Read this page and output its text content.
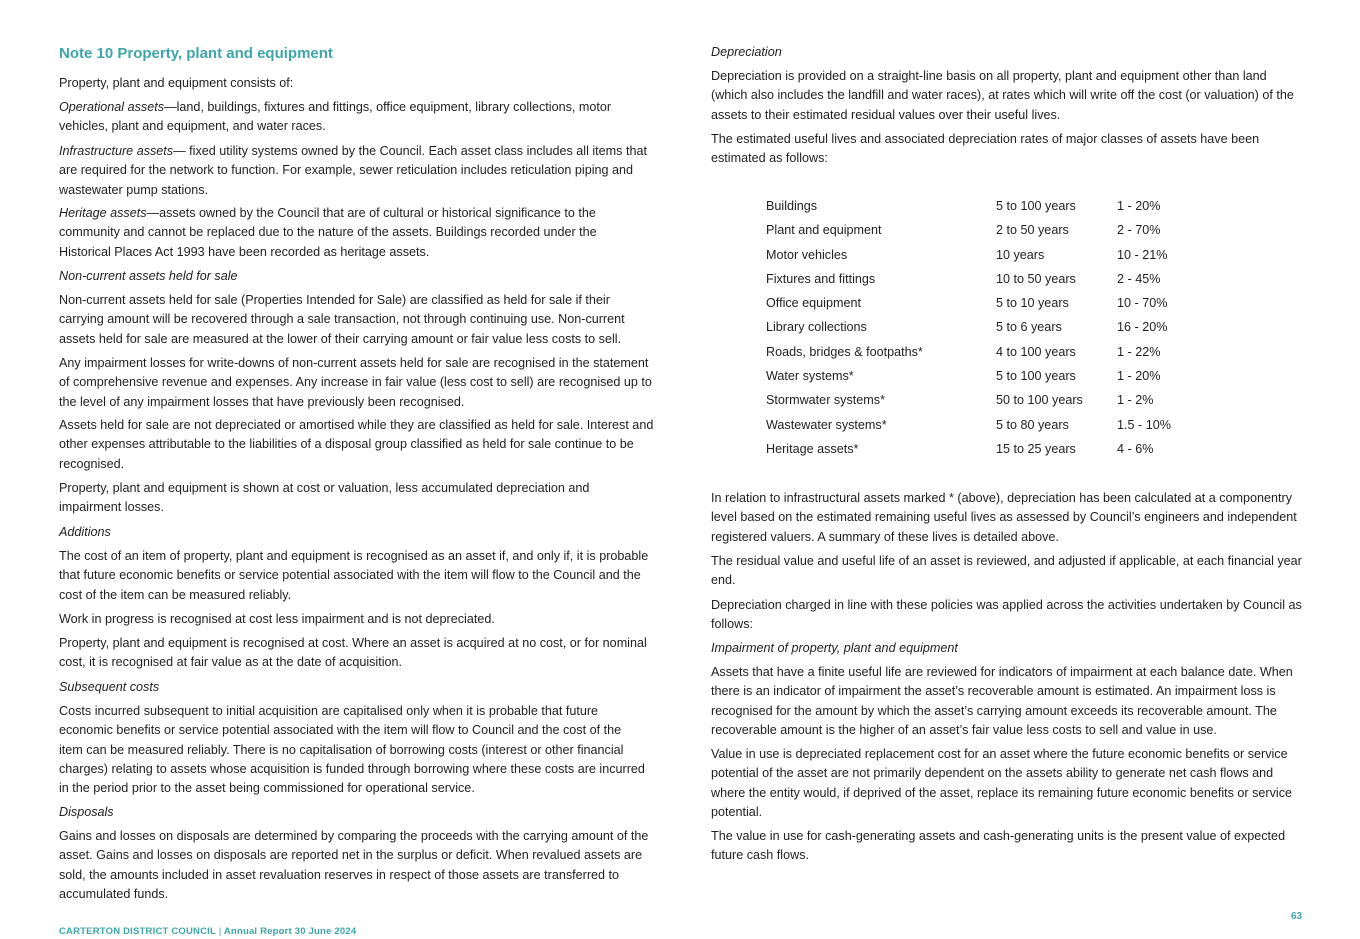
Note 10 Property, plant and equipment

Property, plant and equipment consists of:

Operational assets—land, buildings, fixtures and fittings, office equipment, library collections, motor
vehicles, plant and equipment, and water races.

Infrastructure assets— fixed utility systems owned by the Council. Each asset class includes all items that
are required for the network to function. For example, sewer reticulation includes reticulation piping and
wastewater pump stations.

Heritage assets—assets owned by the Council that are of cultural or historical significance to the
community and cannot be replaced due to the nature of the assets. Buildings recorded under the
Historical Places Act 1993 have been recorded as heritage assets.

Non-current assets held for sale

Non-current assets held for sale (Properties Intended for Sale) are classified as held for sale if their
carrying amount will be recovered through a sale transaction, not through continuing use. Non-current
assets held for sale are measured at the lower of their carrying amount or fair value less costs to sell.

Any impairment losses for write-downs of non-current assets held for sale are recognised in the statement
of comprehensive revenue and expenses. Any increase in fair value (less cost to sell) are recognised up to
the level of any impairment losses that have previously been recognised.

Assets held for sale are not depreciated or amortised while they are classified as held for sale. Interest and
other expenses attributable to the liabilities of a disposal group classified as held for sale continue to be
recognised.

Property, plant and equipment is shown at cost or valuation, less accumulated depreciation and
impairment losses.

Additions

The cost of an item of property, plant and equipment is recognised as an asset if, and only if, it is probable
that future economic benefits or service potential associated with the item will flow to the Council and the
cost of the item can be measured reliably.

Work in progress is recognised at cost less impairment and is not depreciated.

Property, plant and equipment is recognised at cost. Where an asset is acquired at no cost, or for nominal
cost, it is recognised at fair value as at the date of acquisition.

Subsequent costs

Costs incurred subsequent to initial acquisition are capitalised only when it is probable that future
economic benefits or service potential associated with the item will flow to Council and the cost of the
item can be measured reliably. There is no capitalisation of borrowing costs (interest or other financial
charges) relating to assets whose acquisition is funded through borrowing where these costs are incurred
in the period prior to the asset being commissioned for operational service.

Disposals

Gains and losses on disposals are determined by comparing the proceeds with the carrying amount of the
asset. Gains and losses on disposals are reported net in the surplus or deficit. When revalued assets are
sold, the amounts included in asset revaluation reserves in respect of those assets are transferred to
accumulated funds.

Depreciation

Depreciation is provided on a straight-line basis on all property, plant and equipment other than land
(which also includes the landfill and water races), at rates which will write off the cost (or valuation) of the
assets to their estimated residual values over their useful lives.

The estimated useful lives and associated depreciation rates of major classes of assets have been
estimated as follows:

Buildings	5 to 100 years	1 - 20%
Plant and equipment	2 to 50 years	2 - 70%
Motor vehicles	10 years	10 - 21%
Fixtures and fittings	10 to 50 years	2 - 45%
Office equipment	5 to 10 years	10 - 70%
Library collections	5 to 6 years	16 - 20%
Roads, bridges & footpaths*	4 to 100 years	1 - 22%
Water systems*	5 to 100 years	1 - 20%
Stormwater systems*	50 to 100 years	1 - 2%
Wastewater systems*	5 to 80 years	1.5 - 10%
Heritage assets*	15 to 25 years	4 - 6%

In relation to infrastructural assets marked * (above), depreciation has been calculated at a componentry
level based on the estimated remaining useful lives as assessed by Council’s engineers and independent
registered valuers. A summary of these lives is detailed above.

The residual value and useful life of an asset is reviewed, and adjusted if applicable, at each financial year
end.

Depreciation charged in line with these policies was applied across the activities undertaken by Council as
follows:

Impairment of property, plant and equipment

Assets that have a finite useful life are reviewed for indicators of impairment at each balance date. When
there is an indicator of impairment the asset’s recoverable amount is estimated. An impairment loss is
recognised for the amount by which the asset’s carrying amount exceeds its recoverable amount. The
recoverable amount is the higher of an asset’s fair value less costs to sell and value in use.

Value in use is depreciated replacement cost for an asset where the future economic benefits or service
potential of the asset are not primarily dependent on the assets ability to generate net cash flows and
where the entity would, if deprived of the asset, replace its remaining future economic benefits or service
potential.

The value in use for cash-generating assets and cash-generating units is the present value of expected
future cash flows.

63
CARTERTON DISTRICT COUNCIL | Annual Report 30 June 2024
